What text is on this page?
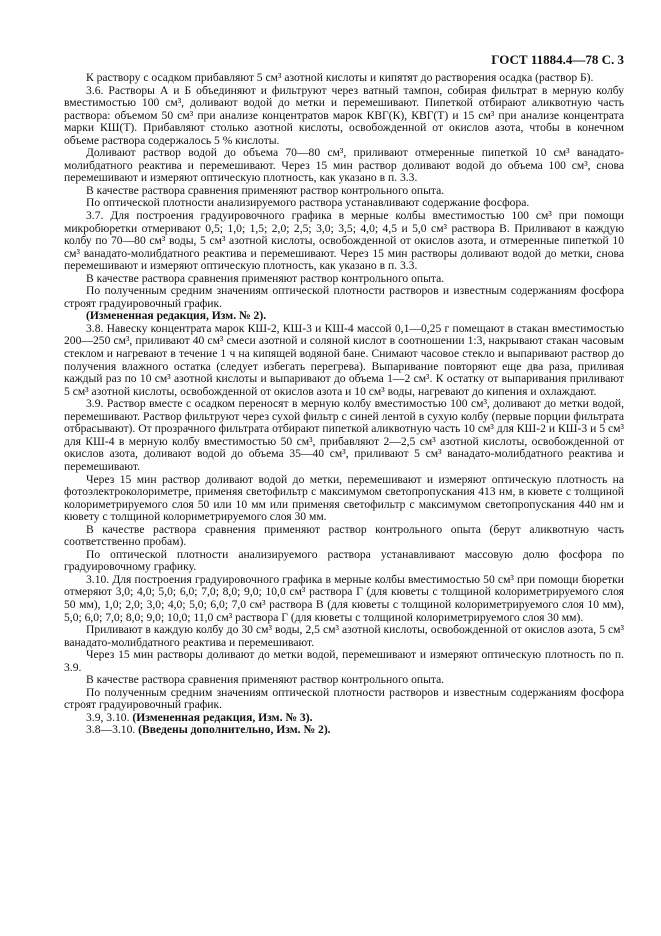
ГОСТ 11884.4—78 С. 3

К раствору с осадком прибавляют 5 см³ азотной кислоты и кипятят до растворения осадка (раствор Б).

3.6. Растворы А и Б объединяют и фильтруют через ватный тампон, собирая фильтрат в мерную колбу вместимостью 100 см³, доливают водой до метки и перемешивают. Пипеткой отбирают аликвотную часть раствора: объемом 50 см³ при анализе концентратов марок КВГ(К), КВГ(Т) и 15 см³ при анализе концентрата марки КШ(Т). Прибавляют столько азотной кислоты, освобожденной от окислов азота, чтобы в конечном объеме раствора содержалось 5 % кислоты.

Доливают раствор водой до объема 70—80 см³, приливают отмеренные пипеткой 10 см³ ванадато-молибдатного реактива и перемешивают. Через 15 мин раствор доливают водой до объема 100 см³, снова перемешивают и измеряют оптическую плотность, как указано в п. 3.3.

В качестве раствора сравнения применяют раствор контрольного опыта.

По оптической плотности анализируемого раствора устанавливают содержание фосфора.

3.7. Для построения градуировочного графика в мерные колбы вместимостью 100 см³ при помощи микробюретки отмеривают 0,5; 1,0; 1,5; 2,0; 2,5; 3,0; 3,5; 4,0; 4,5 и 5,0 см³ раствора В. Приливают в каждую колбу по 70—80 см³ воды, 5 см³ азотной кислоты, освобожденной от окислов азота, и отмеренные пипеткой 10 см³ ванадато-молибдатного реактива и перемешивают. Через 15 мин растворы доливают водой до метки, снова перемешивают и измеряют оптическую плотность, как указано в п. 3.3.

В качестве раствора сравнения применяют раствор контрольного опыта.

По полученным средним значениям оптической плотности растворов и известным содержаниям фосфора строят градуировочный график.

(Измененная редакция, Изм. № 2).

3.8. Навеску концентрата марок КШ-2, КШ-3 и КШ-4 массой 0,1—0,25 г помещают в стакан вместимостью 200—250 см³, приливают 40 см³ смеси азотной и соляной кислот в соотношении 1:3, накрывают стакан часовым стеклом и нагревают в течение 1 ч на кипящей водяной бане. Снимают часовое стекло и выпаривают раствор до получения влажного остатка (следует избегать перегрева). Выпаривание повторяют еще два раза, приливая каждый раз по 10 см³ азотной кислоты и выпаривают до объема 1—2 см³. К остатку от выпаривания приливают 5 см³ азотной кислоты, освобожденной от окислов азота и 10 см³ воды, нагревают до кипения и охлаждают.

3.9. Раствор вместе с осадком переносят в мерную колбу вместимостью 100 см³, доливают до метки водой, перемешивают. Раствор фильтруют через сухой фильтр с синей лентой в сухую колбу (первые порции фильтрата отбрасывают). От прозрачного фильтрата отбирают пипеткой аликвотную часть 10 см³ для КШ-2 и КШ-3 и 5 см³ для КШ-4 в мерную колбу вместимостью 50 см³, прибавляют 2—2,5 см³ азотной кислоты, освобожденной от окислов азота, доливают водой до объема 35—40 см³, приливают 5 см³ ванадато-молибдатного реактива и перемешивают.

Через 15 мин раствор доливают водой до метки, перемешивают и измеряют оптическую плотность на фотоэлектроколориметре, применяя светофильтр с максимумом светопропускания 413 нм, в кювете с толщиной колориметрируемого слоя 50 или 10 мм или применяя светофильтр с максимумом светопропускания 440 нм и кювету с толщиной колориметрируемого слоя 30 мм.

В качестве раствора сравнения применяют раствор контрольного опыта (берут аликвотную часть соответственно пробам).

По оптической плотности анализируемого раствора устанавливают массовую долю фосфора по градуировочному графику.

3.10. Для построения градуировочного графика в мерные колбы вместимостью 50 см³ при помощи бюретки отмеряют 3,0; 4,0; 5,0; 6,0; 7,0; 8,0; 9,0; 10,0 см³ раствора Г (для кюветы с толщиной колориметрируемого слоя 50 мм), 1,0; 2,0; 3,0; 4,0; 5,0; 6,0; 7,0 см³ раствора В (для кюветы с толщиной колориметрируемого слоя 10 мм), 5,0; 6,0; 7,0; 8,0; 9,0; 10,0; 11,0 см³ раствора Г (для кюветы с толщиной колориметрируемого слоя 30 мм).

Приливают в каждую колбу до 30 см³ воды, 2,5 см³ азотной кислоты, освобожденной от окислов азота, 5 см³ ванадато-молибдатного реактива и перемешивают.

Через 15 мин растворы доливают до метки водой, перемешивают и измеряют оптическую плотность по п. 3.9.

В качестве раствора сравнения применяют раствор контрольного опыта.

По полученным средним значениям оптической плотности растворов и известным содержаниям фосфора строят градуировочный график.

3.9, 3.10. (Измененная редакция, Изм. № 3).

3.8—3.10. (Введены дополнительно, Изм. № 2).
